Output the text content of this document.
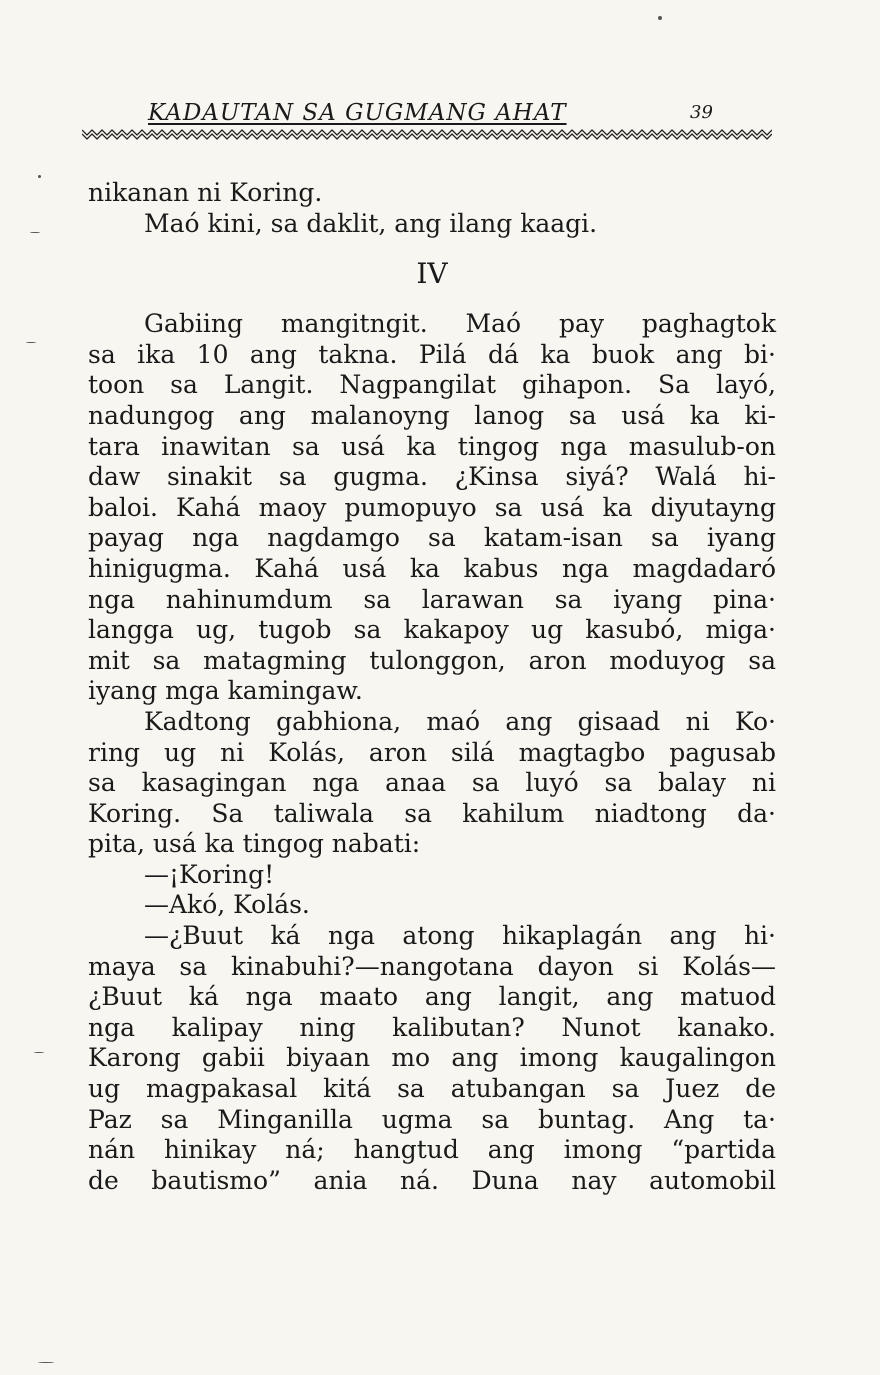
KADAUTAN SA GUGMANG AHAT	39
nikanan ni Koring.
Maó kini, sa daklit, ang ilang kaagi.
IV
Gabiing mangitngit. Maó pay paghagtok
sa ika 10 ang takna. Pilá dá ka buok ang bi·
toon sa Langit. Nagpangilat gihapon. Sa layó,
nadungog ang malanoyng lanog sa usá ka ki-
tara inawitan sa usá ka tingog nga masulub-on
daw sinakit sa gugma. ¿Kinsa siyá? Walá hi-
baloi. Kahá maoy pumopuyo sa usá ka diyutayng
payag nga nagdamgo sa katam-isan sa iyang
hinigugma. Kahá usá ka kabus nga magdadaró
nga nahinumdum sa larawan sa iyang pina·
langga ug, tugob sa kakapoy ug kasubó, miga·
mit sa matagming tulonggon, aron moduyog sa
iyang mga kamingaw.
Kadtong gabhiona, maó ang gisaad ni Ko·
ring ug ni Kolás, aron silá magtagbo pagusab
sa kasagingan nga anaa sa luyó sa balay ni
Koring. Sa taliwala sa kahilum niadtong da·
pita, usá ka tingog nabati:
—¡Koring!
—Akó, Kolás.
—¿Buut ká nga atong hikaplagán ang hi·
maya sa kinabuhi?—nangotana dayon si Kolás—
¿Buut ká nga maato ang langit, ang matuod
nga kalipay ning kalibutan? Nunot kanako.
Karong gabii biyaan mo ang imong kaugalingon
ug magpakasal kitá sa atubangan sa Juez de
Paz sa Minganilla ugma sa buntag. Ang ta·
nán hinikay ná; hangtud ang imong “partida
de bautismo” ania ná. Duna nay automobil
